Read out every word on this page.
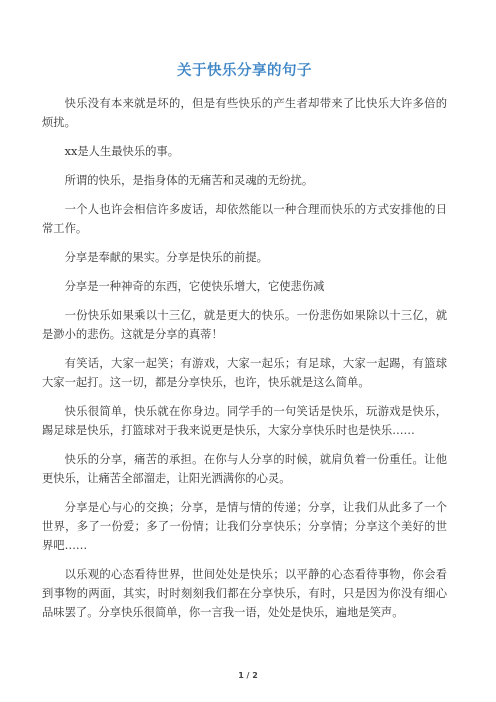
关于快乐分享的句子

快乐没有本来就是坏的，但是有些快乐的产生者却带来了比快乐大许多倍的烦扰。

xx是人生最快乐的事。

所谓的快乐，是指身体的无痛苦和灵魂的无纷扰。

一个人也许会相信许多废话，却依然能以一种合理而快乐的方式安排他的日常工作。

分享是奉献的果实。分享是快乐的前提。

分享是一种神奇的东西，它使快乐增大，它使悲伤减

一份快乐如果乘以十三亿，就是更大的快乐。一份悲伤如果除以十三亿，就是渺小的悲伤。这就是分享的真蒂！

有笑话，大家一起笑；有游戏，大家一起乐；有足球，大家一起踢，有篮球大家一起打。这一切，都是分享快乐，也许，快乐就是这么简单。

快乐很简单，快乐就在你身边。同学手的一句笑话是快乐，玩游戏是快乐，踢足球是快乐，打篮球对于我来说更是快乐，大家分享快乐时也是快乐……

快乐的分享，痛苦的承担。在你与人分享的时候，就肩负着一份重任。让他更快乐，让痛苦全部溜走，让阳光洒满你的心灵。

分享是心与心的交换；分享，是情与情的传递；分享，让我们从此多了一个世界，多了一份爱；多了一份情；让我们分享快乐；分享情；分享这个美好的世界吧……

以乐观的心态看待世界，世间处处是快乐；以平静的心态看待事物，你会看到事物的两面，其实，时时刻刻我们都在分享快乐，有时，只是因为你没有细心品味罢了。分享快乐很简单，你一言我一语，处处是快乐，遍地是笑声。

1 / 2
